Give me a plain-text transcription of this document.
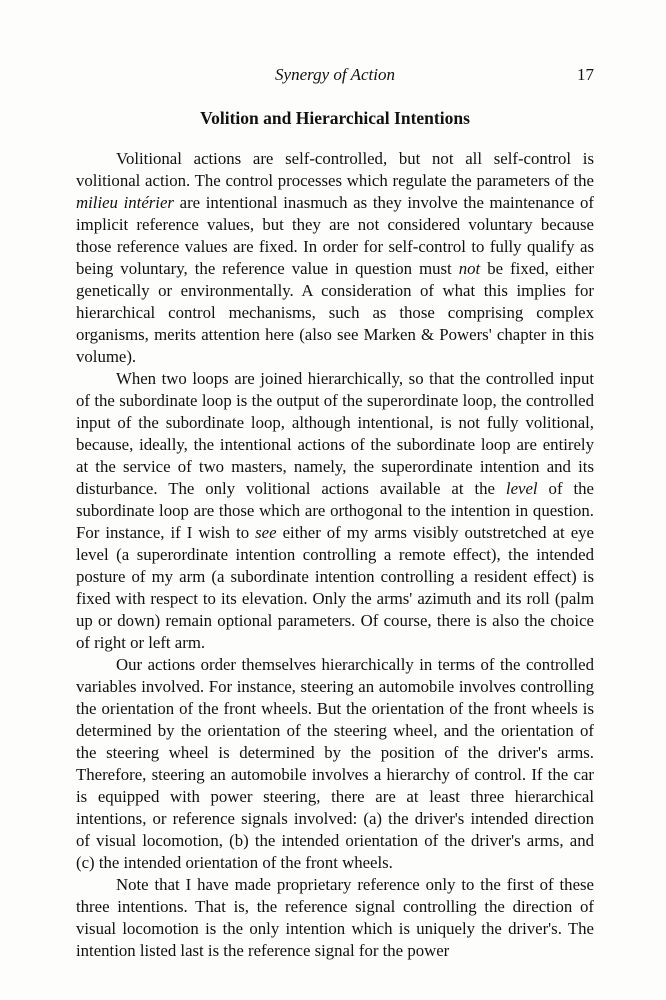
Synergy of Action	17
Volition and Hierarchical Intentions

Volitional actions are self-controlled, but not all self-control is volitional action. The control processes which regulate the parameters of the milieu intérier are intentional inasmuch as they involve the maintenance of implicit reference values, but they are not considered voluntary because those reference values are fixed. In order for self-control to fully qualify as being voluntary, the reference value in question must not be fixed, either genetically or environmentally. A consideration of what this implies for hierarchical control mechanisms, such as those comprising complex organisms, merits attention here (also see Marken & Powers' chapter in this volume).

When two loops are joined hierarchically, so that the controlled input of the subordinate loop is the output of the superordinate loop, the controlled input of the subordinate loop, although intentional, is not fully volitional, because, ideally, the intentional actions of the subordinate loop are entirely at the service of two masters, namely, the superordinate intention and its disturbance. The only volitional actions available at the level of the subordinate loop are those which are orthogonal to the intention in question. For instance, if I wish to see either of my arms visibly outstretched at eye level (a superordinate intention controlling a remote effect), the intended posture of my arm (a subordinate intention controlling a resident effect) is fixed with respect to its elevation. Only the arms' azimuth and its roll (palm up or down) remain optional parameters. Of course, there is also the choice of right or left arm.

Our actions order themselves hierarchically in terms of the controlled variables involved. For instance, steering an automobile involves controlling the orientation of the front wheels. But the orientation of the front wheels is determined by the orientation of the steering wheel, and the orientation of the steering wheel is determined by the position of the driver's arms. Therefore, steering an automobile involves a hierarchy of control. If the car is equipped with power steering, there are at least three hierarchical intentions, or reference signals involved: (a) the driver's intended direction of visual locomotion, (b) the intended orientation of the driver's arms, and (c) the intended orientation of the front wheels.

Note that I have made proprietary reference only to the first of these three intentions. That is, the reference signal controlling the direction of visual locomotion is the only intention which is uniquely the driver's. The intention listed last is the reference signal for the power
